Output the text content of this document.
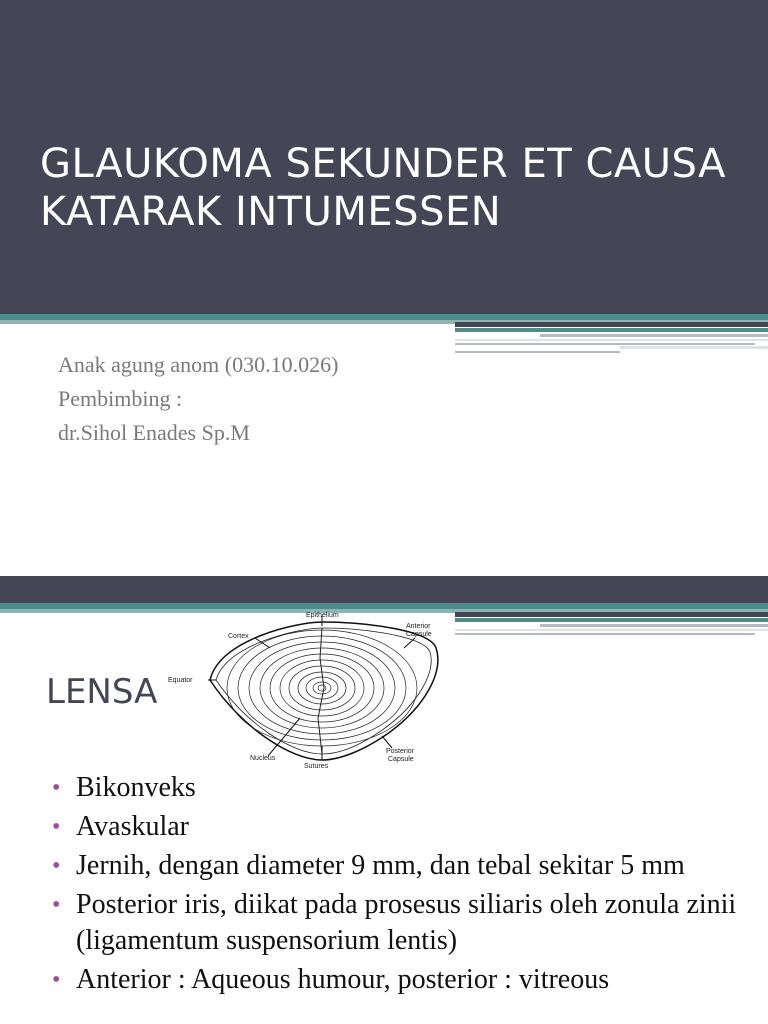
GLAUKOMA SEKUNDER ET CAUSA
KATARAK INTUMESSEN
Anak agung anom (030.10.026)
Pembimbing :
dr.Sihol Enades Sp.M
Epithelium
Cortex
Anterior
Capsule
Equator
Nucleus
Sutures
Posterior
Capsule
LENSA
• Bikonveks
• Avaskular
• Jernih, dengan diameter 9 mm, dan tebal sekitar 5 mm
• Posterior iris, diikat pada prosesus siliaris oleh zonula zinii (ligamentum suspensorium lentis)
• Anterior : Aqueous humour, posterior : vitreous
